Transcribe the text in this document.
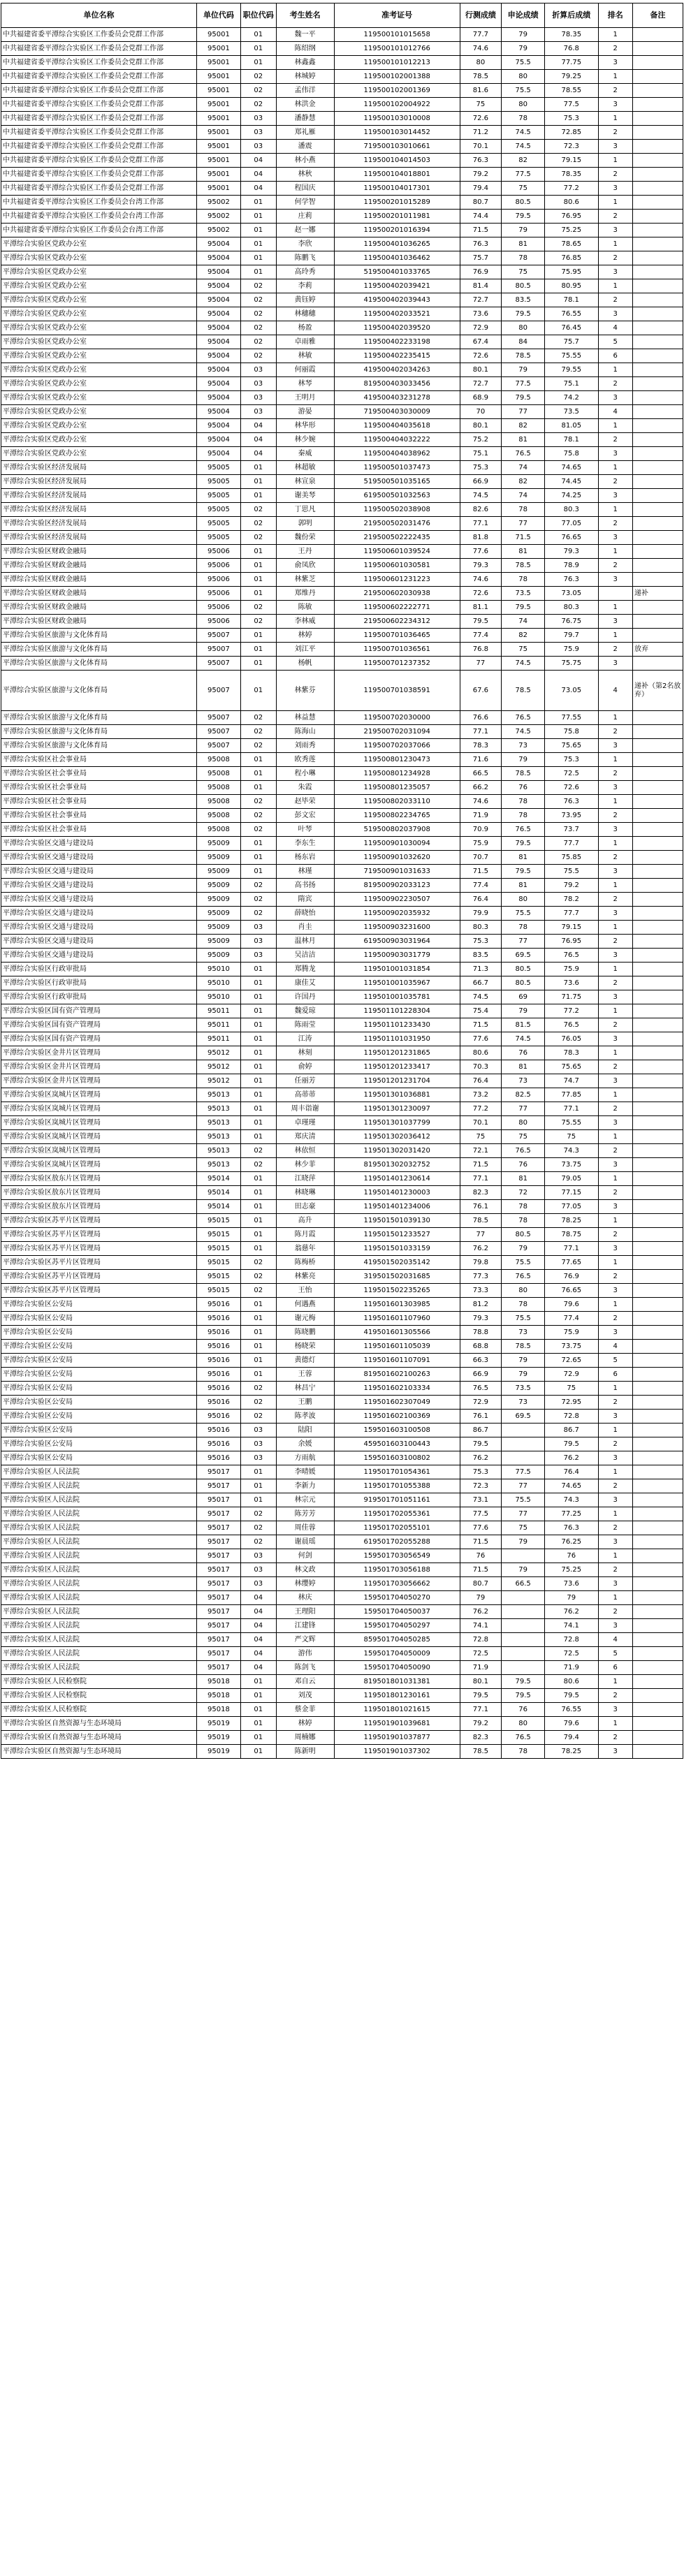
单位名称	单位代码	职位代码	考生姓名	准考证号	行测成绩	申论成绩	折算后成绩	排名	备注
中共福建省委平潭综合实验区工作委员会党群工作部	95001	01	魏一平	119500101015658	77.7	79	78.35	1	
中共福建省委平潭综合实验区工作委员会党群工作部	95001	01	陈绍纲	119500101012766	74.6	79	76.8	2	
中共福建省委平潭综合实验区工作委员会党群工作部	95001	01	林鑫鑫	119500101012213	80	75.5	77.75	3	
中共福建省委平潭综合实验区工作委员会党群工作部	95001	02	林城婷	119500102001388	78.5	80	79.25	1	
中共福建省委平潭综合实验区工作委员会党群工作部	95001	02	孟伟洋	119500102001369	81.6	75.5	78.55	2	
中共福建省委平潭综合实验区工作委员会党群工作部	95001	02	林洪金	119500102004922	75	80	77.5	3	
中共福建省委平潭综合实验区工作委员会党群工作部	95001	03	潘静慧	119500103010008	72.6	78	75.3	1	
中共福建省委平潭综合实验区工作委员会党群工作部	95001	03	郑礼雁	119500103014452	71.2	74.5	72.85	2	
中共福建省委平潭综合实验区工作委员会党群工作部	95001	03	潘震	719500103010661	70.1	74.5	72.3	3	
中共福建省委平潭综合实验区工作委员会党群工作部	95001	04	林小燕	119500104014503	76.3	82	79.15	1	
中共福建省委平潭综合实验区工作委员会党群工作部	95001	04	林秋	119500104018801	79.2	77.5	78.35	2	
中共福建省委平潭综合实验区工作委员会党群工作部	95001	04	程国庆	119500104017301	79.4	75	77.2	3	
中共福建省委平潭综合实验区工作委员会台湾工作部	95002	01	何学智	119500201015289	80.7	80.5	80.6	1	
中共福建省委平潭综合实验区工作委员会台湾工作部	95002	01	庄莉	119500201011981	74.4	79.5	76.95	2	
中共福建省委平潭综合实验区工作委员会台湾工作部	95002	01	赵一娜	119500201016394	71.5	79	75.25	3	
平潭综合实验区党政办公室	95004	01	李欣	119500401036265	76.3	81	78.65	1	
平潭综合实验区党政办公室	95004	01	陈鹏飞	119500401036462	75.7	78	76.85	2	
平潭综合实验区党政办公室	95004	01	高玲秀	519500401033765	76.9	75	75.95	3	
平潭综合实验区党政办公室	95004	02	李莉	119500402039421	81.4	80.5	80.95	1	
平潭综合实验区党政办公室	95004	02	黄钰婷	419500402039443	72.7	83.5	78.1	2	
平潭综合实验区党政办公室	95004	02	林穗穗	119500402033521	73.6	79.5	76.55	3	
平潭综合实验区党政办公室	95004	02	杨盈	119500402039520	72.9	80	76.45	4	
平潭综合实验区党政办公室	95004	02	卓雨雅	119500402233198	67.4	84	75.7	5	
平潭综合实验区党政办公室	95004	02	林敏	119500402235415	72.6	78.5	75.55	6	
平潭综合实验区党政办公室	95004	03	何丽霞	419500402034263	80.1	79	79.55	1	
平潭综合实验区党政办公室	95004	03	林琴	819500403033456	72.7	77.5	75.1	2	
平潭综合实验区党政办公室	95004	03	王明月	419500403231278	68.9	79.5	74.2	3	
平潭综合实验区党政办公室	95004	03	游晏	719500403030009	70	77	73.5	4	
平潭综合实验区党政办公室	95004	04	林华形	119500404035618	80.1	82	81.05	1	
平潭综合实验区党政办公室	95004	04	林少婉	119500404032222	75.2	81	78.1	2	
平潭综合实验区党政办公室	95004	04	秦威	119500404038962	75.1	76.5	75.8	3	
平潭综合实验区经济发展局	95005	01	林超敏	119500501037473	75.3	74	74.65	1	
平潭综合实验区经济发展局	95005	01	林宣泉	519500501035165	66.9	82	74.45	2	
平潭综合实验区经济发展局	95005	01	谢美琴	619500501032563	74.5	74	74.25	3	
平潭综合实验区经济发展局	95005	02	丁思凡	119500502038908	82.6	78	80.3	1	
平潭综合实验区经济发展局	95005	02	郭明	219500502031476	77.1	77	77.05	2	
平潭综合实验区经济发展局	95005	02	魏份荣	219500502222435	81.8	71.5	76.65	3	
平潭综合实验区财政金融局	95006	01	王丹	119500601039524	77.6	81	79.3	1	
平潭综合实验区财政金融局	95006	01	俞凤欣	119500601030581	79.3	78.5	78.9	2	
平潭综合实验区财政金融局	95006	01	林紫芝	119500601231223	74.6	78	76.3	3	
平潭综合实验区财政金融局	95006	01	郑维丹	219500602030938	72.6	73.5	73.05		递补
平潭综合实验区财政金融局	95006	02	陈敏	119500602222771	81.1	79.5	80.3	1	
平潭综合实验区财政金融局	95006	02	李林威	219500602234312	79.5	74	76.75	3	
平潭综合实验区旅游与文化体育局	95007	01	林婷	119500701036465	77.4	82	79.7	1	
平潭综合实验区旅游与文化体育局	95007	01	刘江平	119500701036561	76.8	75	75.9	2	放弃
平潭综合实验区旅游与文化体育局	95007	01	杨帆	119500701237352	77	74.5	75.75	3	
平潭综合实验区旅游与文化体育局	95007	01	林紫芬	119500701038591	67.6	78.5	73.05	4	递补（第2名放弃）
平潭综合实验区旅游与文化体育局	95007	02	林益慧	119500702030000	76.6	76.5	77.55	1	
平潭综合实验区旅游与文化体育局	95007	02	陈海山	219500702031094	77.1	74.5	75.8	2	
平潭综合实验区旅游与文化体育局	95007	02	刘雨秀	119500702037066	78.3	73	75.65	3	
平潭综合实验区社会事业局	95008	01	欧秀莲	119500801230473	71.6	79	75.3	1	
平潭综合实验区社会事业局	95008	01	程小琳	119500801234928	66.5	78.5	72.5	2	
平潭综合实验区社会事业局	95008	01	朱霞	119500801235057	66.2	76	72.6	3	
平潭综合实验区社会事业局	95008	02	赵毕荣	119500802033110	74.6	78	76.3	1	
平潭综合实验区社会事业局	95008	02	彭文宏	119500802234765	71.9	78	73.95	2	
平潭综合实验区社会事业局	95008	02	叶琴	519500802037908	70.9	76.5	73.7	3	
平潭综合实验区交通与建设局	95009	01	李东生	119500901030094	75.9	79.5	77.7	1	
平潭综合实验区交通与建设局	95009	01	杨东岩	119500901032620	70.7	81	75.85	2	
平潭综合实验区交通与建设局	95009	01	林瑾	719500901031633	71.5	79.5	75.5	3	
平潭综合实验区交通与建设局	95009	02	高书扬	819500902033123	77.4	81	79.2	1	
平潭综合实验区交通与建设局	95009	02	隋宾	119500902230507	76.4	80	78.2	2	
平潭综合实验区交通与建设局	95009	02	薛晓怡	119500902035932	79.9	75.5	77.7	3	
平潭综合实验区交通与建设局	95009	03	肖圭	119500903231600	80.3	78	79.15	1	
平潭综合实验区交通与建设局	95009	03	温林月	619500903031964	75.3	77	76.95	2	
平潭综合实验区交通与建设局	95009	03	吴洁洁	119500903031779	83.5	69.5	76.5	3	
平潭综合实验区行政审批局	95010	01	郑腾龙	119501001031854	71.3	80.5	75.9	1	
平潭综合实验区行政审批局	95010	01	康佳艾	119501001035967	66.7	80.5	73.6	2	
平潭综合实验区行政审批局	95010	01	许国丹	119501001035781	74.5	69	71.75	3	
平潭综合实验区国有资产管理局	95011	01	魏爱琼	119501101228304	75.4	79	77.2	1	
平潭综合实验区国有资产管理局	95011	01	陈雨莹	119501101233430	71.5	81.5	76.5	2	
平潭综合实验区国有资产管理局	95011	01	江涛	119501101031950	77.6	74.5	76.05	3	
平潭综合实验区金井片区管理局	95012	01	林刻	119501201231865	80.6	76	78.3	1	
平潭综合实验区金井片区管理局	95012	01	俞婷	119501201233417	70.3	81	75.65	2	
平潭综合实验区金井片区管理局	95012	01	任丽芳	119501201231704	76.4	73	74.7	3	
平潭综合实验区岚城片区管理局	95013	01	高蒂蒂	119501301036881	73.2	82.5	77.85	1	
平潭综合实验区岚城片区管理局	95013	01	周丰诣谢	119501301230097	77.2	77	77.1	2	
平潭综合实验区岚城片区管理局	95013	01	卓瑾瑾	119501301037799	70.1	80	75.55	3	
平潭综合实验区岚城片区管理局	95013	01	郑庆清	119501302036412	75	75	75	1	
平潭综合实验区岚城片区管理局	95013	02	林依恒	119501302031420	72.1	76.5	74.3	2	
平潭综合实验区岚城片区管理局	95013	02	林少菲	819501302032752	71.5	76	73.75	3	
平潭综合实验区敖东片区管理局	95014	01	江晓萍	119501401230614	77.1	81	79.05	1	
平潭综合实验区敖东片区管理局	95014	01	林晓琳	119501401230003	82.3	72	77.15	2	
平潭综合实验区敖东片区管理局	95014	01	田志豪	119501401234006	76.1	78	77.05	3	
平潭综合实验区苏平片区管理局	95015	01	高升	119501501039130	78.5	78	78.25	1	
平潭综合实验区苏平片区管理局	95015	01	陈月霞	119501501233527	77	80.5	78.75	2	
平潭综合实验区苏平片区管理局	95015	01	翁慈年	119501501033159	76.2	79	77.1	3	
平潭综合实验区苏平片区管理局	95015	02	陈梅桥	419501502035142	79.8	75.5	77.65	1	
平潭综合实验区苏平片区管理局	95015	02	林紫亮	319501502031685	77.3	76.5	76.9	2	
平潭综合实验区苏平片区管理局	95015	02	王怡	119501502235265	73.3	80	76.65	3	
平潭综合实验区公安局	95016	01	何遇燕	119501601303985	81.2	78	79.6	1	
平潭综合实验区公安局	95016	01	谢元梅	119501601107960	79.3	75.5	77.4	2	
平潭综合实验区公安局	95016	01	陈晓鹏	419501601305566	78.8	73	75.9	3	
平潭综合实验区公安局	95016	01	杨晓荣	119501601105039	68.8	78.5	73.75	4	
平潭综合实验区公安局	95016	01	黄德灯	119501601107091	66.3	79	72.65	5	
平潭综合实验区公安局	95016	01	王蓉	819501602100263	66.9	79	72.9	6	
平潭综合实验区公安局	95016	02	林昌宁	119501602103334	76.5	73.5	75	1	
平潭综合实验区公安局	95016	02	王鹏	119501602307049	72.9	73	72.95	2	
平潭综合实验区公安局	95016	02	陈孝波	119501602100369	76.1	69.5	72.8	3	
平潭综合实验区公安局	95016	03	陆阳	159501603100508	86.7		86.7	1	
平潭综合实验区公安局	95016	03	余媛	459501603100443	79.5		79.5	2	
平潭综合实验区公安局	95016	03	方雨航	159501603100802	76.2		76.2	3	
平潭综合实验区人民法院	95017	01	李晴媛	119501701054361	75.3	77.5	76.4	1	
平潭综合实验区人民法院	95017	01	李新力	119501701055388	72.3	77	74.65	2	
平潭综合实验区人民法院	95017	01	林宗元	919501701051161	73.1	75.5	74.3	3	
平潭综合实验区人民法院	95017	02	陈芳芳	119501702055361	77.5	77	77.25	1	
平潭综合实验区人民法院	95017	02	周佳蓉	119501702055101	77.6	75	76.3	2	
平潭综合实验区人民法院	95017	02	谢晨瑶	619501702055288	71.5	79	76.25	3	
平潭综合实验区人民法院	95017	03	何剑	159501703056549	76		76	1	
平潭综合实验区人民法院	95017	03	林文政	119501703056188	71.5	79	75.25	2	
平潭综合实验区人民法院	95017	03	林缨婷	119501703056662	80.7	66.5	73.6	3	
平潭综合实验区人民法院	95017	04	林庆	159501704050270	79		79	1	
平潭综合实验区人民法院	95017	04	王理阳	159501704050037	76.2		76.2	2	
平潭综合实验区人民法院	95017	04	江建锋	159501704050297	74.1		74.1	3	
平潭综合实验区人民法院	95017	04	严文辉	859501704050285	72.8		72.8	4	
平潭综合实验区人民法院	95017	04	游伟	159501704050009	72.5		72.5	5	
平潭综合实验区人民法院	95017	04	陈剑飞	159501704050090	71.9		71.9	6	
平潭综合实验区人民检察院	95018	01	邓自云	819501801031381	80.1	79.5	80.6	1	
平潭综合实验区人民检察院	95018	01	刘茂	119501801230161	79.5	79.5	79.5	2	
平潭综合实验区人民检察院	95018	01	蔡金菲	119501801021615	77.1	76	76.55	3	
平潭综合实验区自然资源与生态环境局	95019	01	林婷	119501901039681	79.2	80	79.6	1	
平潭综合实验区自然资源与生态环境局	95019	01	周楠娜	119501901037877	82.3	76.5	79.4	2	
平潭综合实验区自然资源与生态环境局	95019	01	陈新明	119501901037302	78.5	78	78.25	3	
